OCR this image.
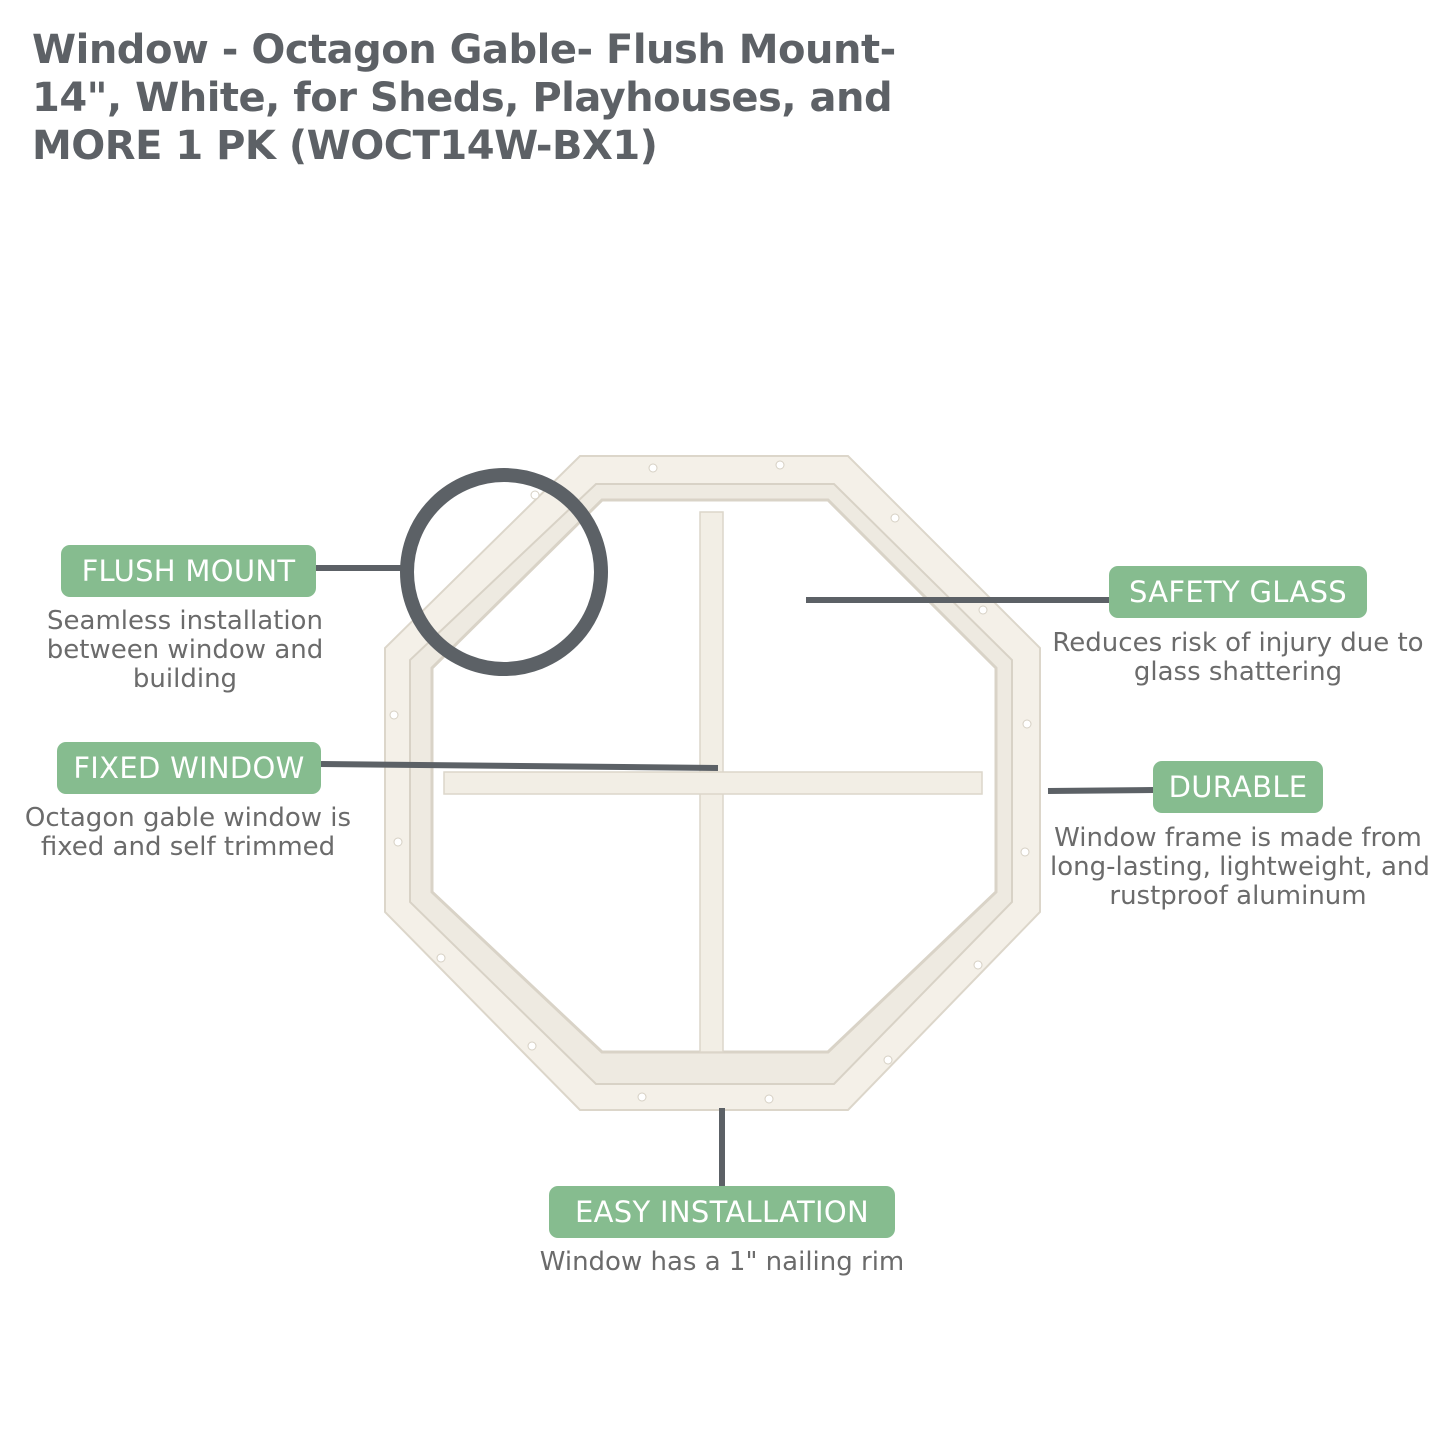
Window - Octagon Gable- Flush Mount-
14", White, for Sheds, Playhouses, and
MORE 1 PK (WOCT14W-BX1)
FLUSH MOUNT
Seamless installation
between window and
building
FIXED WINDOW
Octagon gable window is
fixed and self trimmed
SAFETY GLASS
Reduces risk of injury due to
glass shattering
DURABLE
Window frame is made from
long-lasting, lightweight, and
rustproof aluminum
EASY INSTALLATION
Window has a 1" nailing rim
